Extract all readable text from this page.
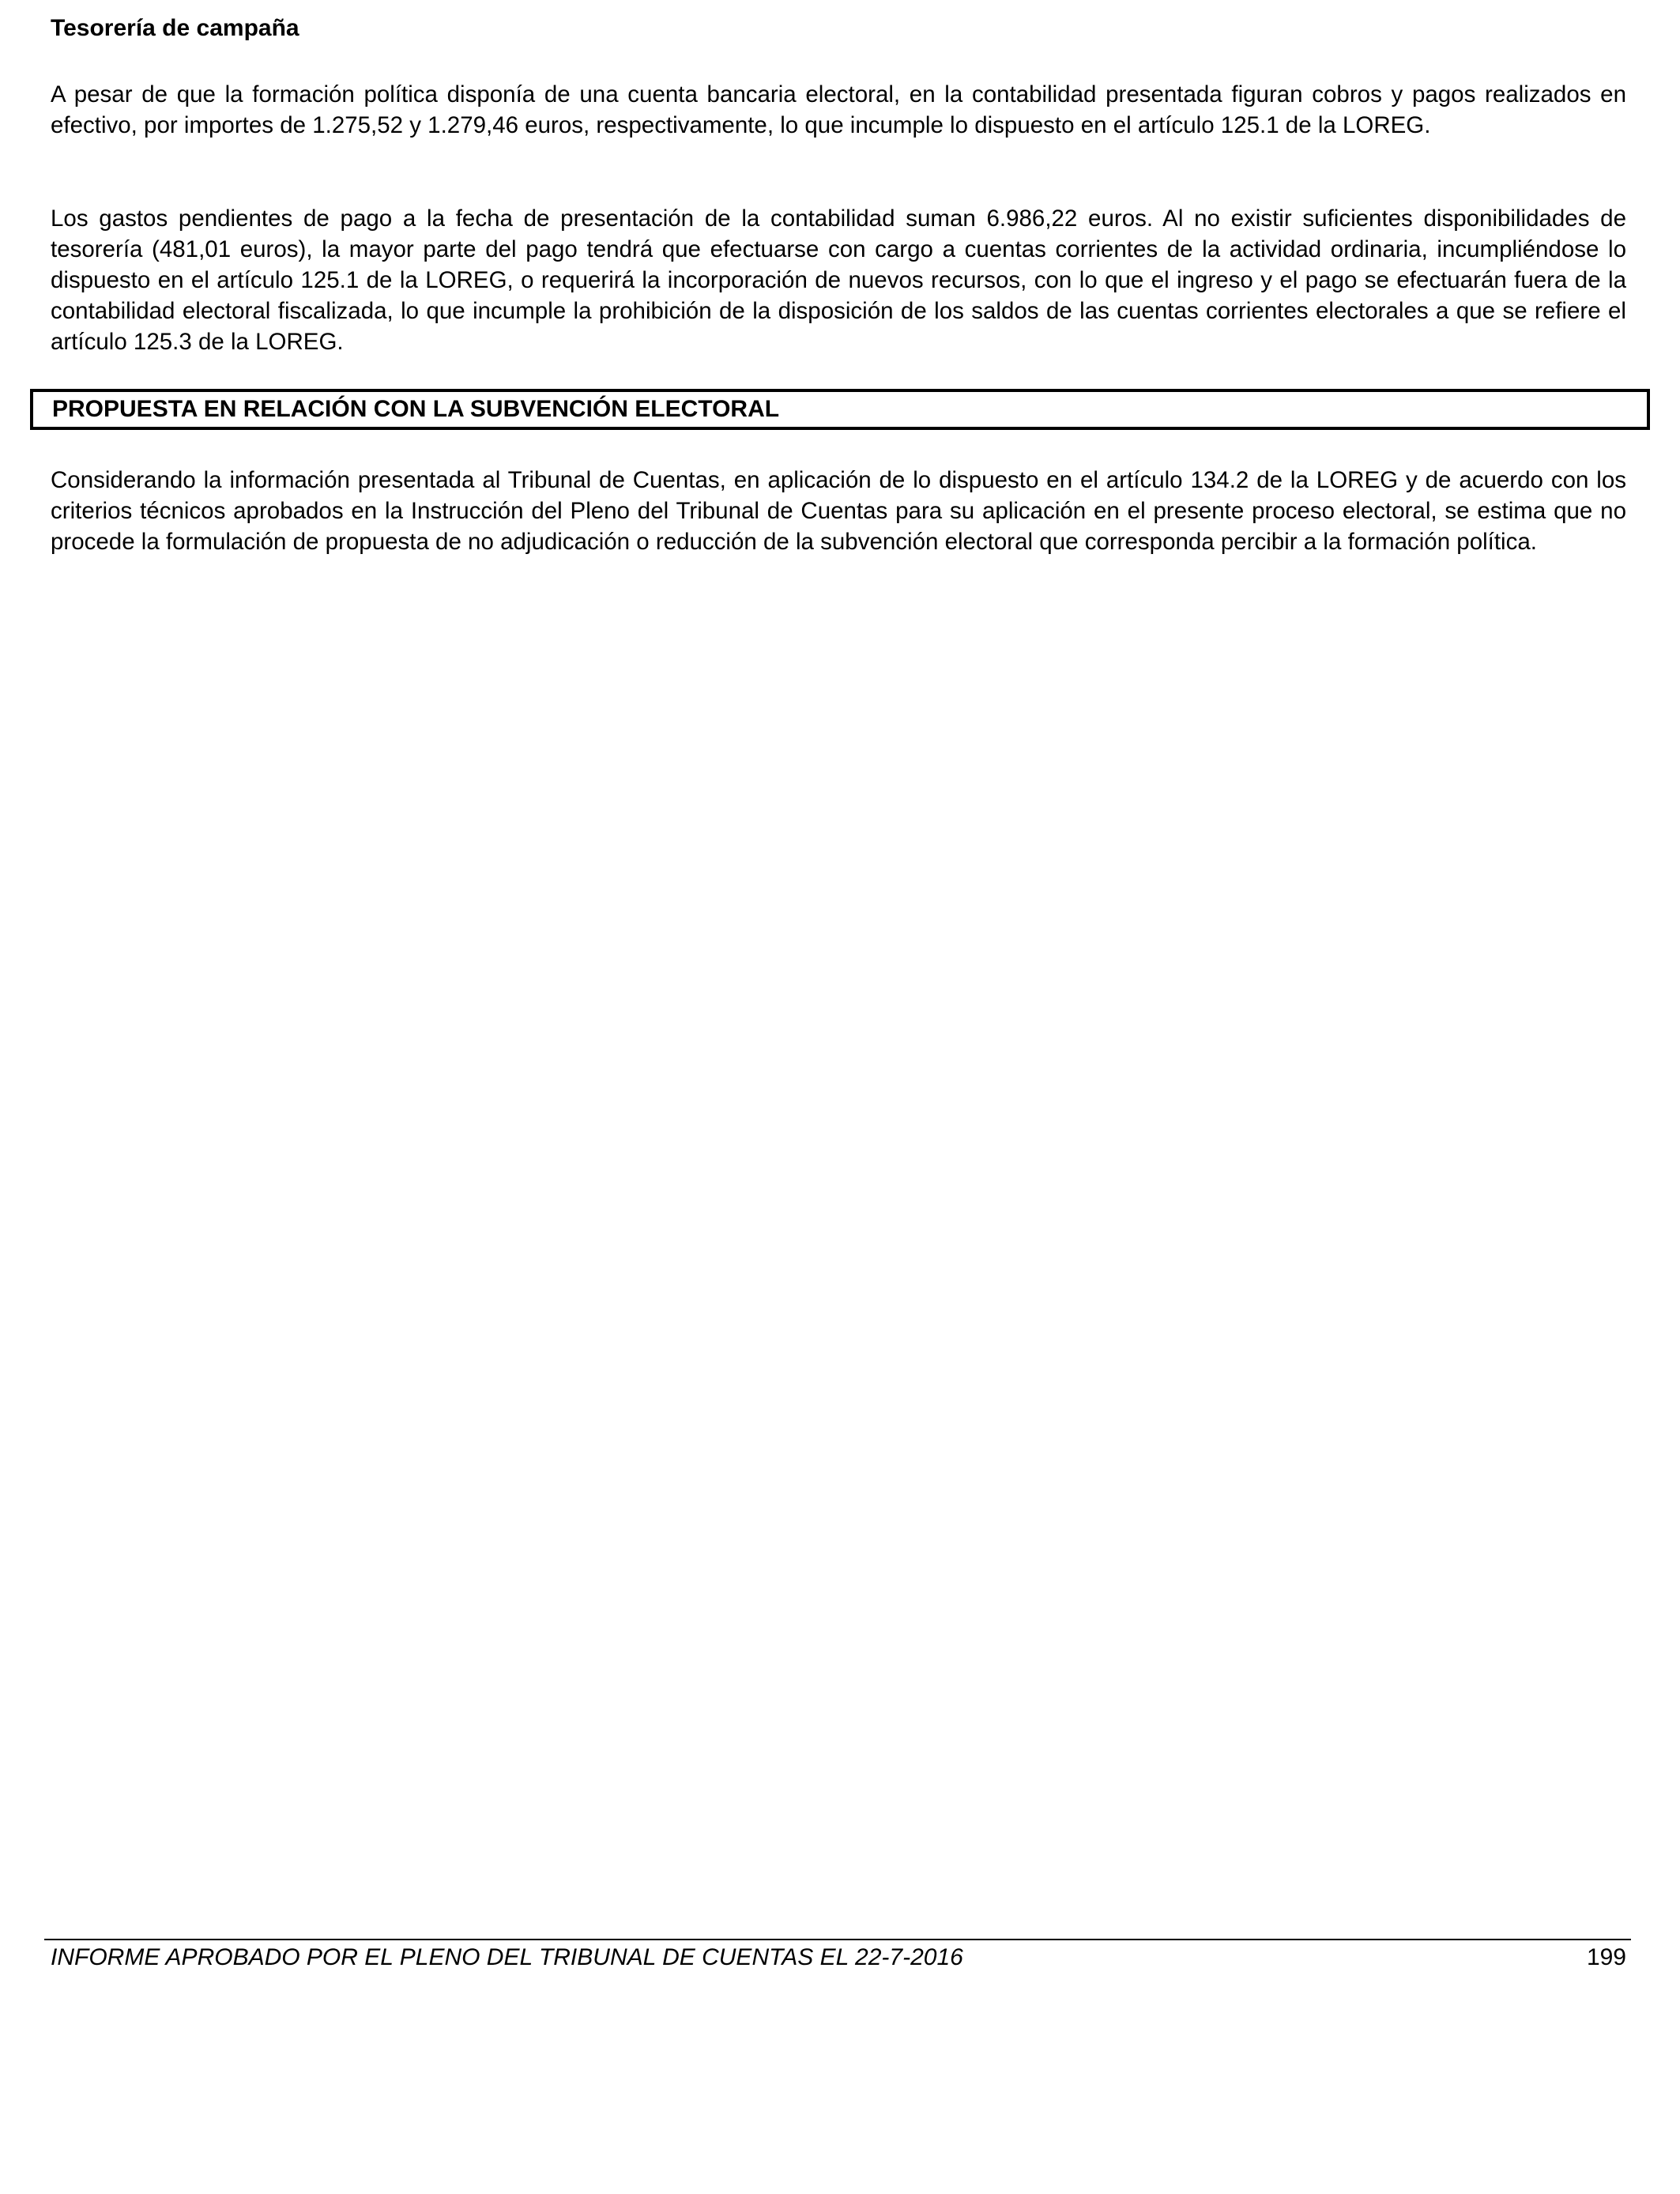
Tesorería de campaña

A pesar de que la formación política disponía de una cuenta bancaria electoral, en la contabilidad presentada figuran cobros y pagos realizados en efectivo, por importes de 1.275,52 y 1.279,46 euros, respectivamente, lo que incumple lo dispuesto en el artículo 125.1 de la LOREG.

Los gastos pendientes de pago a la fecha de presentación de la contabilidad suman 6.986,22 euros. Al no existir suficientes disponibilidades de tesorería (481,01 euros), la mayor parte del pago tendrá que efectuarse con cargo a cuentas corrientes de la actividad ordinaria, incumpliéndose lo dispuesto en el artículo 125.1 de la LOREG, o requerirá la incorporación de nuevos recursos, con lo que el ingreso y el pago se efectuarán fuera de la contabilidad electoral fiscalizada, lo que incumple la prohibición de la disposición de los saldos de las cuentas corrientes electorales a que se refiere el artículo 125.3 de la LOREG.

PROPUESTA EN RELACIÓN CON LA SUBVENCIÓN ELECTORAL

Considerando la información presentada al Tribunal de Cuentas, en aplicación de lo dispuesto en el artículo 134.2 de la LOREG y de acuerdo con los criterios técnicos aprobados en la Instrucción del Pleno del Tribunal de Cuentas para su aplicación en el presente proceso electoral, se estima que no procede la formulación de propuesta de no adjudicación o reducción de la subvención electoral que corresponda percibir a la formación política.

INFORME APROBADO POR EL PLENO DEL TRIBUNAL DE CUENTAS EL 22-7-2016	199
